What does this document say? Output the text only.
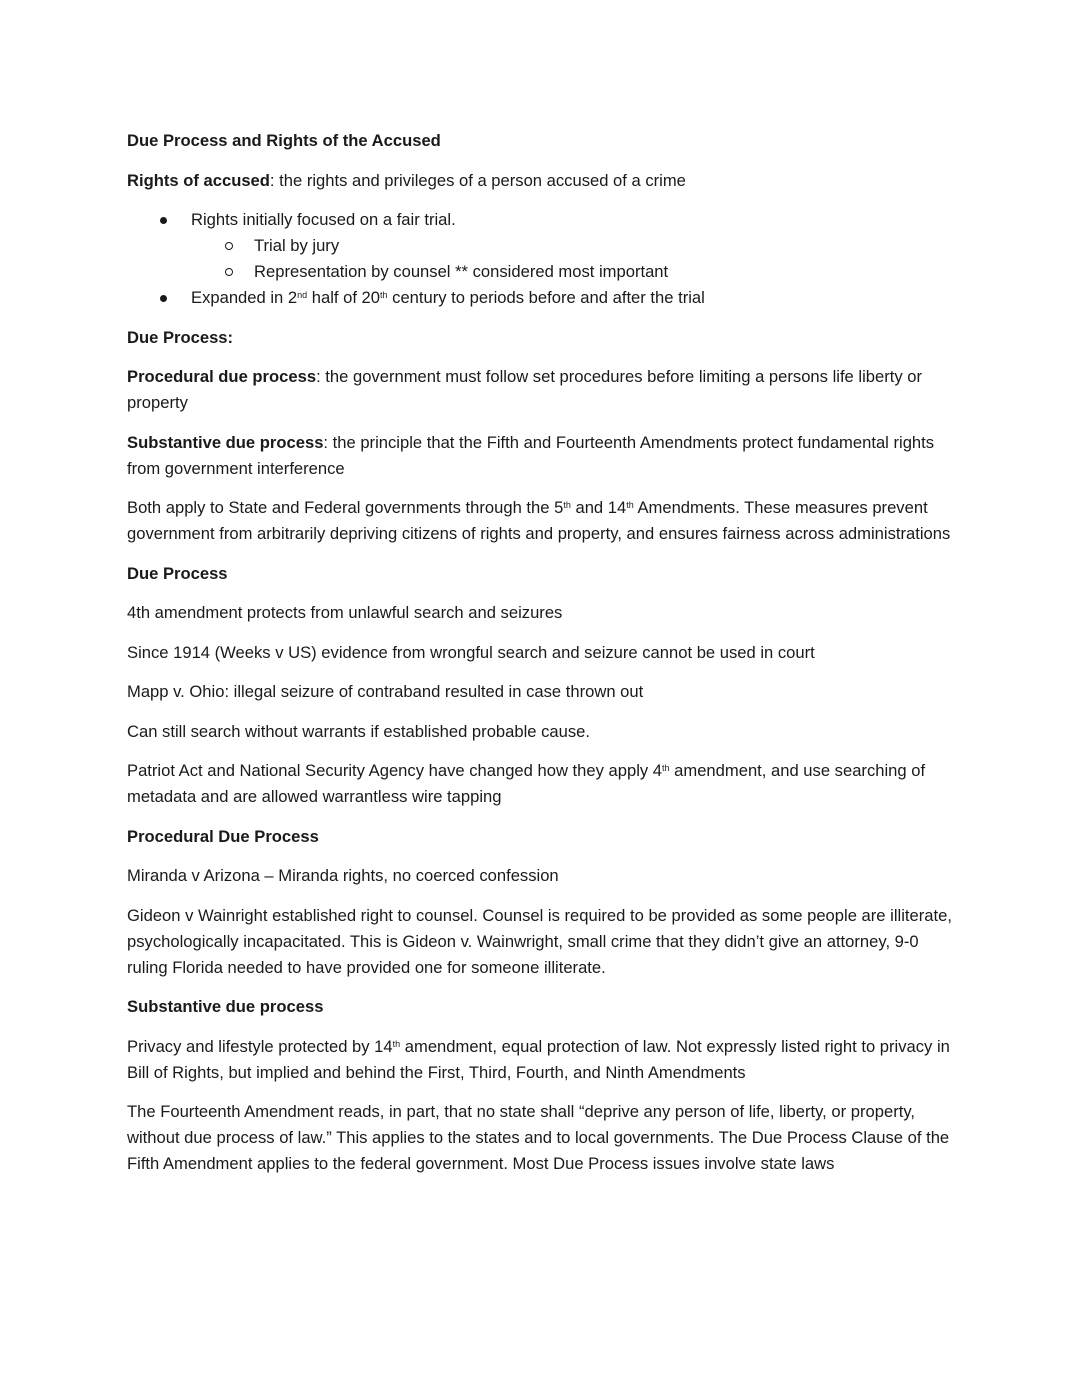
Due Process and Rights of the Accused

Rights of accused: the rights and privileges of a person accused of a crime

Rights initially focused on a fair trial.
Trial by jury
Representation by counsel ** considered most important
Expanded in 2nd half of 20th century to periods before and after the trial

Due Process:

Procedural due process: the government must follow set procedures before limiting a persons life liberty or property

Substantive due process: the principle that the Fifth and Fourteenth Amendments protect fundamental rights from government interference

Both apply to State and Federal governments through the 5th and 14th Amendments. These measures prevent government from arbitrarily depriving citizens of rights and property, and ensures fairness across administrations

Due Process

4th amendment protects from unlawful search and seizures

Since 1914 (Weeks v US) evidence from wrongful search and seizure cannot be used in court

Mapp v. Ohio: illegal seizure of contraband resulted in case thrown out

Can still search without warrants if established probable cause.

Patriot Act and National Security Agency have changed how they apply 4th amendment, and use searching of metadata and are allowed warrantless wire tapping

Procedural Due Process

Miranda v Arizona – Miranda rights, no coerced confession

Gideon v Wainright established right to counsel. Counsel is required to be provided as some people are illiterate, psychologically incapacitated. This is Gideon v. Wainwright, small crime that they didn’t give an attorney, 9-0 ruling Florida needed to have provided one for someone illiterate.

Substantive due process

Privacy and lifestyle protected by 14th amendment, equal protection of law. Not expressly listed right to privacy in Bill of Rights, but implied and behind the First, Third, Fourth, and Ninth Amendments

The Fourteenth Amendment reads, in part, that no state shall “deprive any person of life, liberty, or property, without due process of law.” This applies to the states and to local governments. The Due Process Clause of the Fifth Amendment applies to the federal government. Most Due Process issues involve state laws
